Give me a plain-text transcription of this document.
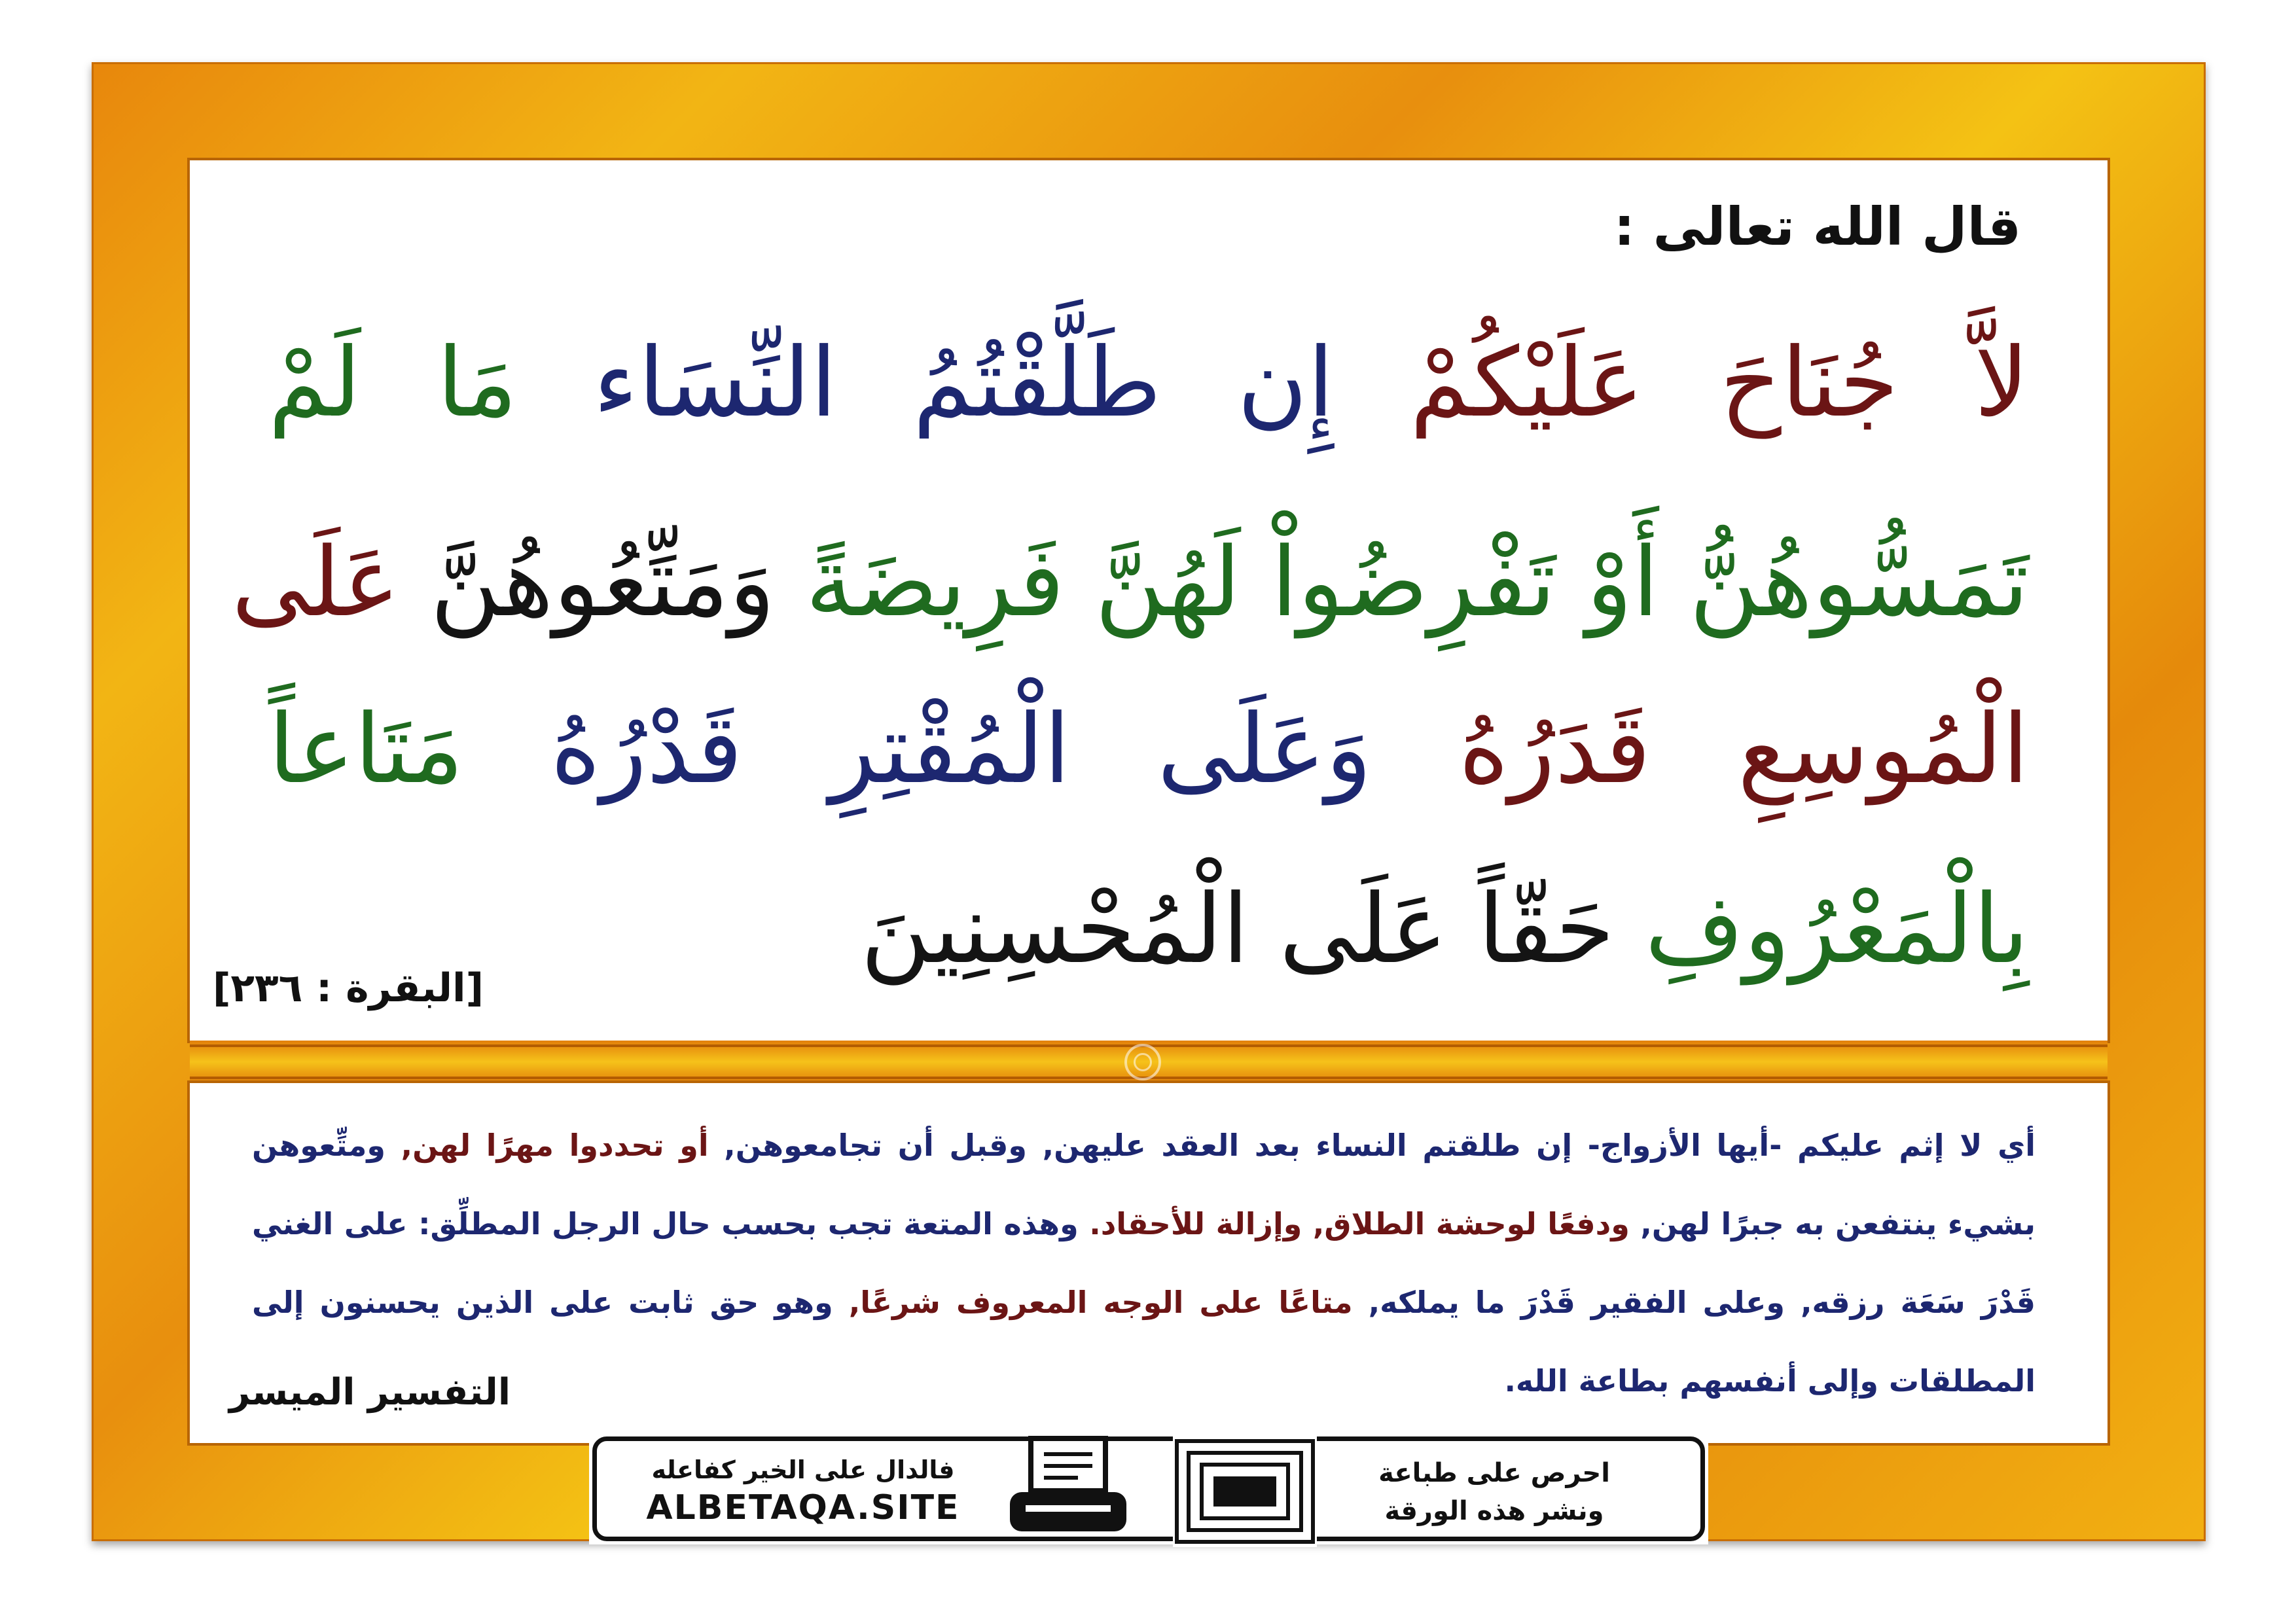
قال الله تعالى :
لاَّ جُنَاحَ عَلَيْكُمْ إِن طَلَّقْتُمُ النِّسَاء مَا لَمْ
تَمَسُّوهُنُّ أَوْ تَفْرِضُواْ لَهُنَّ فَرِيضَةً وَمَتِّعُوهُنَّ عَلَى
الْمُوسِعِ قَدَرُهُ وَعَلَى الْمُقْتِرِ قَدْرُهُ مَتَاعاً
بِالْمَعْرُوفِ حَقّاً عَلَى الْمُحْسِنِينَ
[البقرة : ٢٣٦]
أي لا إثم عليكم -أيها الأزواج- إن طلقتم النساء بعد العقد عليهن, وقبل أن تجامعوهن, أو تحددوا مهرًا لهن, ومتِّعوهن بشيء ينتفعن به جبرًا لهن, ودفعًا لوحشة الطلاق, وإزالة للأحقاد. وهذه المتعة تجب بحسب حال الرجل المطلِّق: على الغني قَدْرَ سَعَة رزقه, وعلى الفقير قَدْرَ ما يملكه, متاعًا على الوجه المعروف شرعًا, وهو حق ثابت على الذين يحسنون إلى المطلقات وإلى أنفسهم بطاعة الله.
التفسير الميسر
فالدال على الخير كفاعله
ALBETAQA.SITE
احرص على طباعة
ونشر هذه الورقة
